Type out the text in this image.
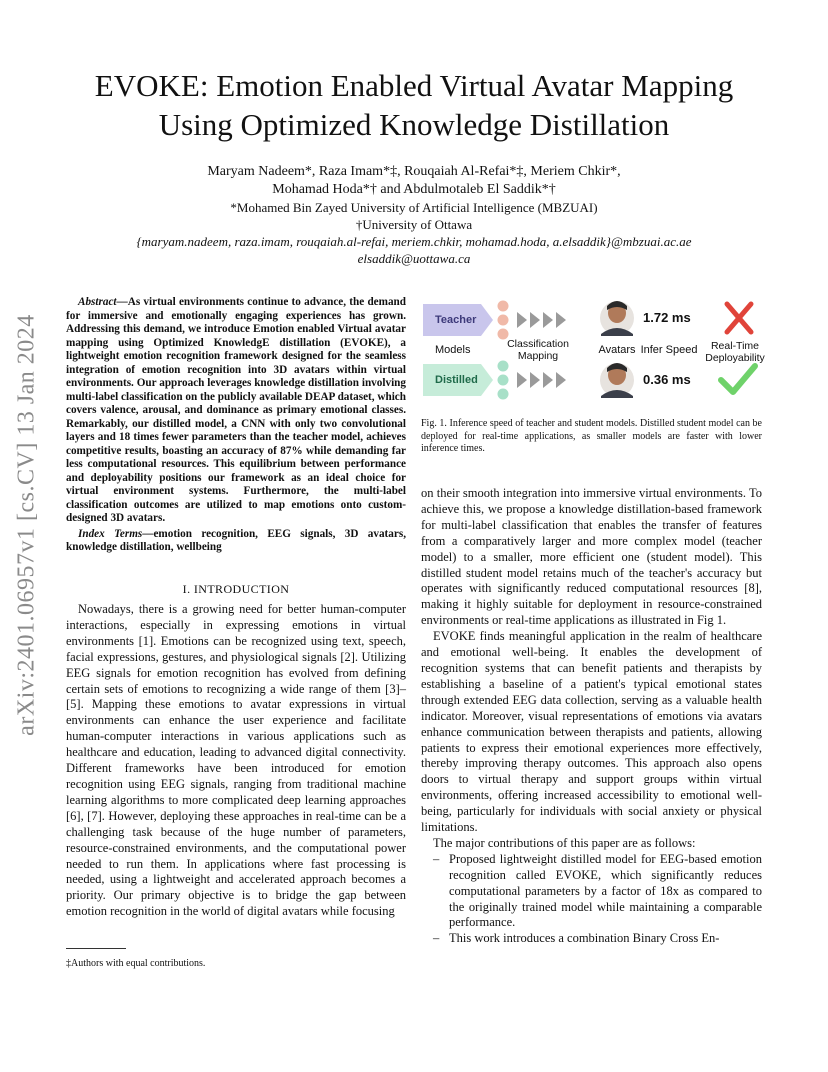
arXiv:2401.06957v1 [cs.CV] 13 Jan 2024
EVOKE: Emotion Enabled Virtual Avatar Mapping
Using Optimized Knowledge Distillation
Maryam Nadeem*, Raza Imam*‡, Rouqaiah Al-Refai*‡, Meriem Chkir*,
Mohamad Hoda*† and Abdulmotaleb El Saddik*†
*Mohamed Bin Zayed University of Artificial Intelligence (MBZUAI)
†University of Ottawa
{maryam.nadeem, raza.imam, rouqaiah.al-refai, meriem.chkir, mohamad.hoda, a.elsaddik}@mbzuai.ac.ae
elsaddik@uottawa.ca

Abstract—As virtual environments continue to advance, the demand for immersive and emotionally engaging experiences has grown. Addressing this demand, we introduce Emotion enabled Virtual avatar mapping using Optimized KnowledgE distillation (EVOKE), a lightweight emotion recognition framework designed for the seamless integration of emotion recognition into 3D avatars within virtual environments. Our approach leverages knowledge distillation involving multi-label classification on the publicly available DEAP dataset, which covers valence, arousal, and dominance as primary emotional classes. Remarkably, our distilled model, a CNN with only two convolutional layers and 18 times fewer parameters than the teacher model, achieves competitive results, boasting an accuracy of 87% while demanding far less computational resources. This equilibrium between performance and deployability positions our framework as an ideal choice for virtual environment systems. Furthermore, the multi-label classification outcomes are utilized to map emotions onto custom-designed 3D avatars.

Index Terms—emotion recognition, EEG signals, 3D avatars, knowledge distillation, wellbeing

I. INTRODUCTION

Nowadays, there is a growing need for better human-computer interactions, especially in expressing emotions in virtual environments [1]. Emotions can be recognized using text, speech, facial expressions, gestures, and physiological signals [2]. Utilizing EEG signals for emotion recognition has evolved from defining certain sets of emotions to recognizing a wide range of them [3]–[5]. Mapping these emotions to avatar expressions in virtual environments can enhance the user experience and facilitate human-computer interactions in various applications such as healthcare and education, leading to advanced digital connectivity. Different frameworks have been introduced for emotion recognition using EEG signals, ranging from traditional machine learning algorithms to more complicated deep learning approaches [6], [7]. However, deploying these approaches in real-time can be a challenging task because of the huge number of parameters, resource-constrained environments, and the computational power needed to run them. In applications where fast processing is needed, using a lightweight and accelerated approach becomes a priority. Our primary objective is to bridge the gap between emotion recognition in the world of digital avatars while focusing

‡Authors with equal contributions.
Teacher
Distilled
Models	Classification Mapping	Avatars Infer Speed	Real-Time Deployability
1.72 ms
0.36 ms
Fig. 1. Inference speed of teacher and student models. Distilled student model can be deployed for real-time applications, as smaller models are faster with lower inference times.

on their smooth integration into immersive virtual environments. To achieve this, we propose a knowledge distillation-based framework for multi-label classification that enables the transfer of features from a comparatively larger and more complex model (teacher model) to a smaller, more efficient one (student model). This distilled student model retains much of the teacher's accuracy but operates with significantly reduced computational resources [8], making it highly suitable for deployment in resource-constrained environments or real-time applications as illustrated in Fig 1.

EVOKE finds meaningful application in the realm of healthcare and emotional well-being. It enables the development of recognition systems that can benefit patients and therapists by establishing a baseline of a patient's typical emotional states through extended EEG data collection, serving as a valuable health indicator. Moreover, visual representations of emotions via avatars enhance communication between therapists and patients, allowing patients to express their emotional experiences more effectively, thereby improving therapy outcomes. This approach also opens doors to virtual therapy and support groups within virtual environments, offering increased accessibility to emotional well-being, particularly for individuals with social anxiety or physical limitations.

The major contributions of this paper are as follows:

– Proposed lightweight distilled model for EEG-based emotion recognition called EVOKE, which significantly reduces computational parameters by a factor of 18x as compared to the originally trained model while maintaining a comparable performance.
– This work introduces a combination Binary Cross En-
